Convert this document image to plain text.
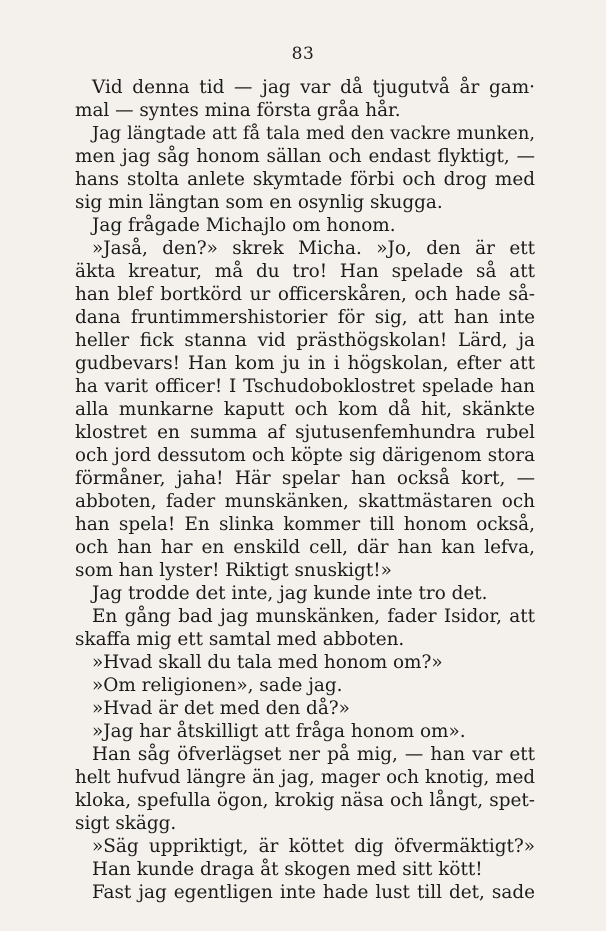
83
Vid denna tid — jag var då tjugutvå år gam·
mal — syntes mina första gråa hår.
Jag längtade att få tala med den vackre munken,
men jag såg honom sällan och endast flyktigt, —
hans stolta anlete skymtade förbi och drog med
sig min längtan som en osynlig skugga.
Jag frågade Michajlo om honom.
»Jaså, den?» skrek Micha. »Jo, den är ett
äkta kreatur, må du tro! Han spelade så att
han blef bortkörd ur officerskåren, och hade så-
dana fruntimmershistorier för sig, att han inte
heller fick stanna vid prästhögskolan! Lärd, ja
gudbevars! Han kom ju in i högskolan, efter att
ha varit officer! I Tschudoboklostret spelade han
alla munkarne kaputt och kom då hit, skänkte
klostret en summa af sjutusenfemhundra rubel
och jord dessutom och köpte sig därigenom stora
förmåner, jaha! Här spelar han också kort, —
abboten, fader munskänken, skattmästaren och
han spela! En slinka kommer till honom också,
och han har en enskild cell, där han kan lefva,
som han lyster! Riktigt snuskigt!»
Jag trodde det inte, jag kunde inte tro det.
En gång bad jag munskänken, fader Isidor, att
skaffa mig ett samtal med abboten.
»Hvad skall du tala med honom om?»
»Om religionen», sade jag.
»Hvad är det med den då?»
»Jag har åtskilligt att fråga honom om».
Han såg öfverlägset ner på mig, — han var ett
helt hufvud längre än jag, mager och knotig, med
kloka, spefulla ögon, krokig näsa och långt, spet-
sigt skägg.
»Säg uppriktigt, är köttet dig öfvermäktigt?»
Han kunde draga åt skogen med sitt kött!
Fast jag egentligen inte hade lust till det, sade
